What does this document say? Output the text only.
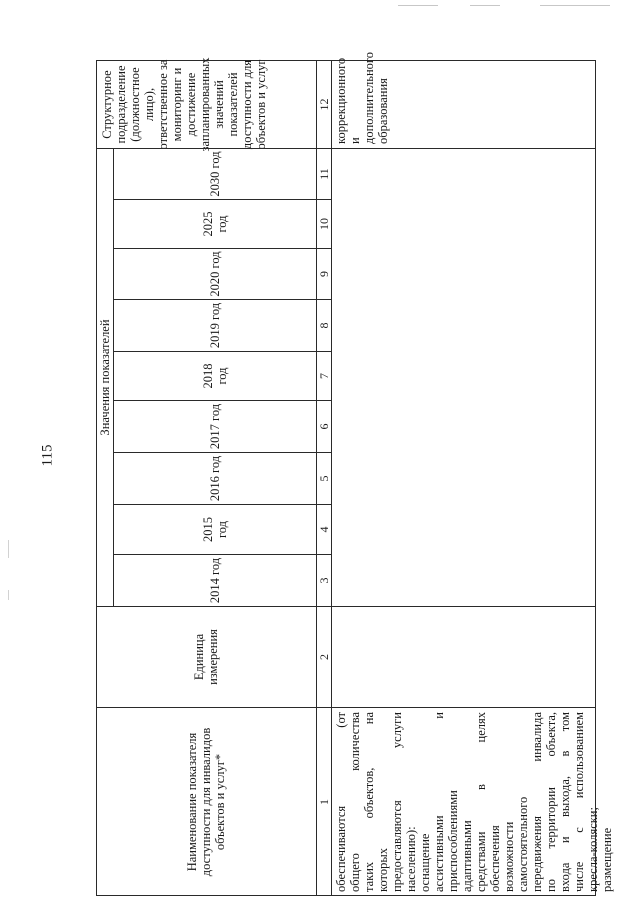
115
Наименование показателя доступности для инвалидов объектов и услуг*
Единица измерения
Значения показателей
Структурное подразделение (должностное лицо), ответственное за мониторинг и достижение запланированных значений показателей доступности для объектов и услуг
2014 год
2015 год
2016 год
2017 год
2018 год
2019 год
2020 год
2025 год
2030 год
1
2
3
4
5
6
7
8
9
10
11
12
обеспечиваются (от общего количества таких объектов, на которых предоставляются услуги населению): оснащение ассистивными и приспособлениями адаптивными средствами в целях обеспечения возможности самостоятельного передвижения инвалида по территории объекта, входа и выхода, в том числе с использованием кресла-коляски; размещение
коррекционного и дополнительного образования
